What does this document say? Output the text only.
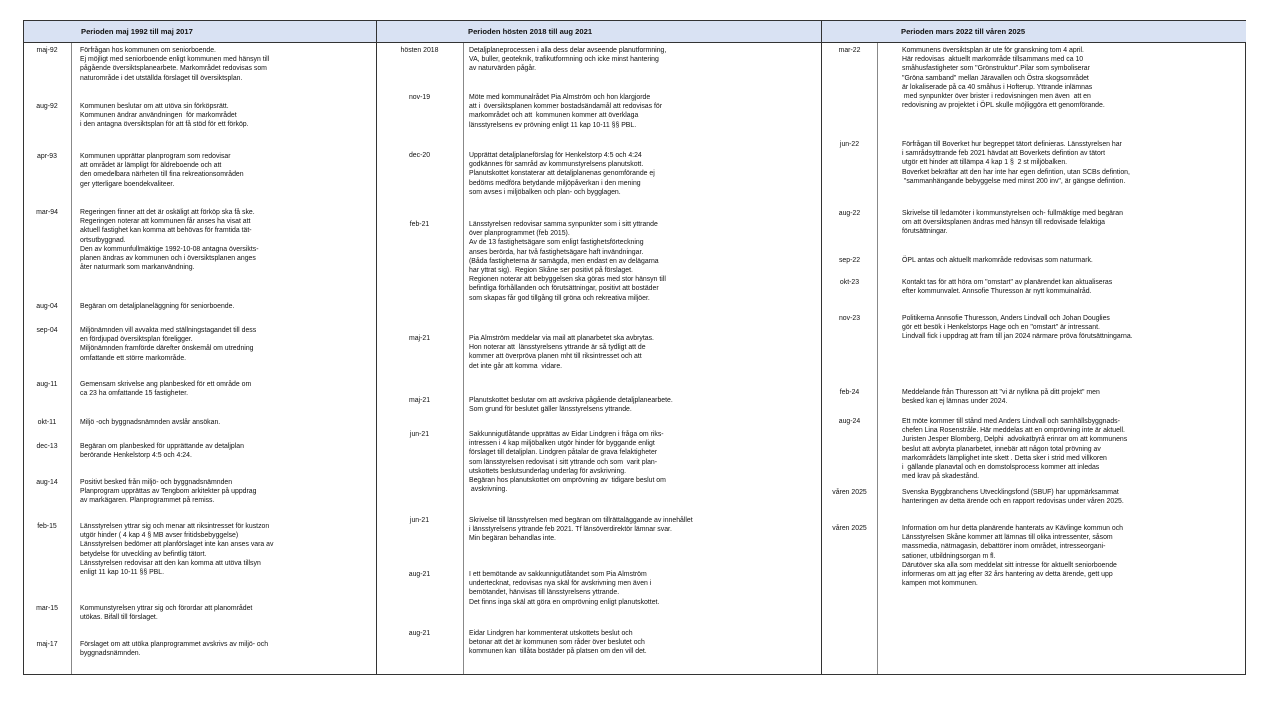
Perioden maj 1992 till maj 2017	Perioden hösten 2018 till aug 2021	Perioden mars 2022 till våren 2025
maj-92	Förfrågan hos kommunen om seniorboende.
Ej möjligt med seniorboende enligt kommunen med hänsyn till
pågående översiktsplanearbete. Markområdet redovisas som
naturområde i det utställda förslaget till översiktsplan.
aug-92	Kommunen beslutar om att utöva sin förköpsrätt.
Kommunen ändrar användningen  för markområdet
i den antagna översiktsplan för att få stöd för ett förköp.
apr-93	Kommunen upprättar planprogram som redovisar
att området är lämpligt för äldreboende och att
den omedelbara närheten till fina rekreationsområden
ger ytterligare boendekvaliteer.
mar-94	Regeringen finner att det är oskäligt att förköp ska få ske.
Regeringen noterar att kommunen får anses ha visat att
aktuell fastighet kan komma att behövas för framtida tät-
ortsutbyggnad.
Den av kommunfullmäktige 1992-10-08 antagna översikts-
planen ändras av kommunen och i översiktsplanen anges
åter naturmark som markanvändning.
aug-04	Begäran om detaljplaneläggning för seniorboende.
sep-04	Miljönämnden vill avvakta med ställningstagandet till dess
en fördjupad översiktsplan föreligger.
Miljönämnden framförde därefter önskemål om utredning
omfattande ett större markområde.
aug-11	Gemensam skrivelse ang planbesked för ett område om
ca 23 ha omfattande 15 fastigheter.
okt-11	Miljö -och byggnadsnämnden avslår ansökan.
dec-13	Begäran om planbesked för upprättande av detaljplan
berörande Henkelstorp 4:5 och 4:24.
aug-14	Positivt besked från miljö- och byggnadsnämnden
Planprogram upprättas av Tengbom arkitekter på uppdrag
av markägaren. Planprogrammet på remiss.
feb-15	Länsstyrelsen yttrar sig och menar att riksintresset för kustzon
utgör hinder ( 4 kap 4 § MB avser fritidsbebyggelse)
Länsstyrelsen bedömer att planförslaget inte kan anses vara av
betydelse för utveckling av befintlig tätort.
Länsstyrelsen redovisar att den kan komma att utöva tillsyn
enligt 11 kap 10-11 §§ PBL.
mar-15	Kommunstyrelsen yttrar sig och förordar att planområdet
utökas. Bifall till förslaget.
maj-17	Förslaget om att utöka planprogrammet avskrivs av miljö- och
byggnadsnämnden.
hösten 2018	Detaljplaneprocessen i alla dess delar avseende planutformning,
VA, buller, geoteknik, trafikutformning och icke minst hantering
av naturvärden pågår.
nov-19	Möte med kommunalrådet Pia Almström och hon klargjorde
att i  översiktsplanen kommer bostadsändamål att redovisas för
markområdet och att  kommunen kommer att överklaga
länsstyrelsens ev prövning enligt 11 kap 10-11 §§ PBL.
dec-20	Upprättat detaljplaneförslag för Henkelstorp 4:5 och 4:24
godkännes för samråd av kommunstyrelsens planutskott.
Planutskottet konstaterar att detaljplanenas genomförande ej
bedöms medföra betydande miljöpåverkan i den mening
som avses i miljöbalken och plan- och bygglagen.
feb-21	Länsstyrelsen redovisar samma synpunkter som i sitt yttrande
över planprogrammet (feb 2015).
Av de 13 fastighetsägare som enligt fastighetsförteckning
anses berörda, har två fastighetsägare haft invändningar.
(Båda fastigheterna är samägda, men endast en av delägarna
har yttrat sig).  Region Skåne ser positivt på förslaget.
Regionen noterar att bebyggelsen ska göras med stor hänsyn till
befintliga förhållanden och förutsättningar, positivt att bostäder
som skapas får god tillgång till gröna och rekreativa miljöer.
maj-21	Pia Almström meddelar via mail att planarbetet ska avbrytas.
Hon noterar att  länsstyrelsens yttrande är så tydligt att de
kommer att överpröva planen mht till riksintresset och att
det inte går att komma  vidare.
maj-21	Planutskottet beslutar om att avskriva pågående detaljplanearbete.
Som grund för beslutet gäller länsstyrelsens yttrande.
jun-21	Sakkunnigutlåtande upprättas av Eidar Lindgren i fråga om riks-
intressen i 4 kap miljöbalken utgör hinder för byggande enligt
förslaget till detaljplan. Lindgren påtalar de grava felaktigheter
som länsstyrelsen redovisat i sitt yttrande och som  varit plan-
utskottets beslutsunderlag underlag för avskrivning.
Begäran hos planutskottet om omprövning av  tidigare beslut om
avskrivning.
jun-21	Skrivelse till länsstyrelsen med begäran om tillrättaläggande av innehållet
i länsstyrelsens yttrande feb 2021. Tf länsöverdirektör lämnar svar.
Min begäran behandlas inte.
aug-21	I ett bemötande av sakkunnigutlåtandet som Pia Almström
undertecknat, redovisas nya skäl för avskrivning men även i
bemötandet, hänvisas till länsstyrelsens yttrande.
Det finns inga skäl att göra en omprövning enligt planutskottet.
aug-21	Eidar Lindgren har kommenterat utskottets beslut och
betonar att det är kommunen som råder över beslutet och
kommunen kan  tillåta bostäder på platsen om den vill det.
mar-22	Kommunens översiktsplan är ute för granskning tom 4 april.
Här redovisas  aktuellt markområde tillsammans med ca 10
småhusfastigheter som "Grönstruktur".Pilar som symboliserar
"Gröna samband" mellan Järavallen och Östra skogsområdet
är lokaliserade på ca 40 småhus i Hofterup. Yttrande inlämnas
med synpunkter över brister i redovisningen men även  att en
redovisning av projektet i ÖPL skulle möjliggöra ett genomförande.
jun-22	Förfrågan till Boverket hur begreppet tätort definieras. Länsstyrelsen har
i samrådsyttrande feb 2021 hävdat att Boverkets defintion av tätort
utgör ett hinder att tillämpa 4 kap 1 §  2 st miljöbalken.
Boverket bekräftar att den har inte har egen defintion, utan SCBs defintion,
"sammanhängande bebyggelse med minst 200 inv", är gängse defintion.
aug-22	Skrivelse till ledamöter i kommunstyrelsen och- fullmäktige med begäran
om att översiktsplanen ändras med hänsyn till redovisade felaktiga
förutsättningar.
sep-22	ÖPL antas och aktuellt markområde redovisas som naturmark.
okt-23	Kontakt tas för att höra om "omstart" av planärendet kan aktualiseras
efter kommunvalet. Annsofie Thuresson är nytt kommuinalråd.
nov-23	Politikerna Annsofie Thuresson, Anders Lindvall och Johan Douglies
gör ett besök i Henkelstorps Hage och en "omstart" är intressant.
Lindvall fick i uppdrag att fram till jan 2024 närmare pröva förutsättningarna.
feb-24	Meddelande från Thuresson att "vi är nyfikna på ditt projekt" men
besked kan ej lämnas under 2024.
aug-24	Ett möte kommer till stånd med Anders Lindvall och samhällsbyggnads-
chefen Lina Rosenstråle. Här meddelas att en omprövning inte är aktuell.
Juristen Jesper Blomberg, Delphi  advokatbyrå erinrar om att kommunens
beslut att avbryta planarbetet, innebär att någon total prövning av
markområdets lämplighet inte skett . Detta sker i strid med villkoren
i  gällande planavtal och en domstolsprocess kommer att inledas
med krav på skadestånd.
våren 2025	Svenska Byggbranchens Utvecklingsfond (SBUF) har uppmärksammat
hanteringen av detta ärende och en rapport redovisas under våren 2025.
våren 2025	Information om hur detta planärende hanterats av Kävlinge kommun och
Länsstyrelsen Skåne kommer att lämnas till olika intressenter, såsom
massmedia, nätmagasin, debattörer inom området, intresseorgani-
sationer, utbildningsorgan m fl.
Därutöver ska alla som meddelat sitt intresse för aktuellt seniorboende
informeras om att jag efter 32 års hantering av detta ärende, gett upp
kampen mot kommunen.
